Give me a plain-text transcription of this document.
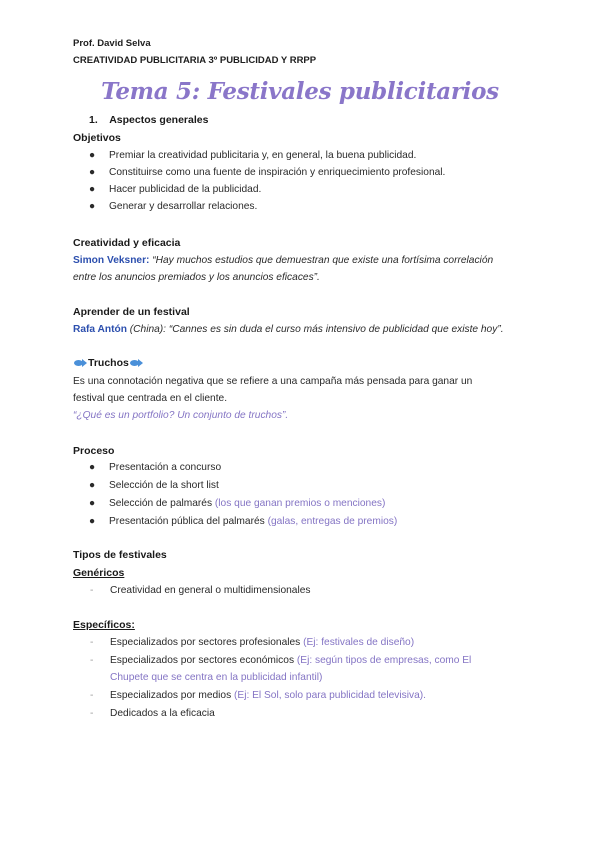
Prof. David Selva
CREATIVIDAD PUBLICITARIA 3º PUBLICIDAD Y RRPP
Tema 5: Festivales publicitarios
1. Aspectos generales
Objetivos
● Premiar la creatividad publicitaria y, en general, la buena publicidad.
● Constituirse como una fuente de inspiración y enriquecimiento profesional.
● Hacer publicidad de la publicidad.
● Generar y desarrollar relaciones.
Creatividad y eficacia
Simon Veksner: “Hay muchos estudios que demuestran que existe una fortísima correlación
entre los anuncios premiados y los anuncios eficaces”.
Aprender de un festival
Rafa Antón (China): “Cannes es sin duda el curso más intensivo de publicidad que existe hoy”.
Truchos
Es una connotación negativa que se refiere a una campaña más pensada para ganar un
festival que centrada en el cliente.
“¿Qué es un portfolio? Un conjunto de truchos”.
Proceso
● Presentación a concurso
● Selección de la short list
● Selección de palmarés (los que ganan premios o menciones)
● Presentación pública del palmarés (galas, entregas de premios)
Tipos de festivales
Genéricos
-	Creatividad en general o multidimensionales
Específicos:
-	Especializados por sectores profesionales (Ej: festivales de diseño)
-	Especializados por sectores económicos (Ej: según tipos de empresas, como El
Chupete que se centra en la publicidad infantil)
-	Especializados por medios (Ej: El Sol, solo para publicidad televisiva).
-	Dedicados a la eficacia
